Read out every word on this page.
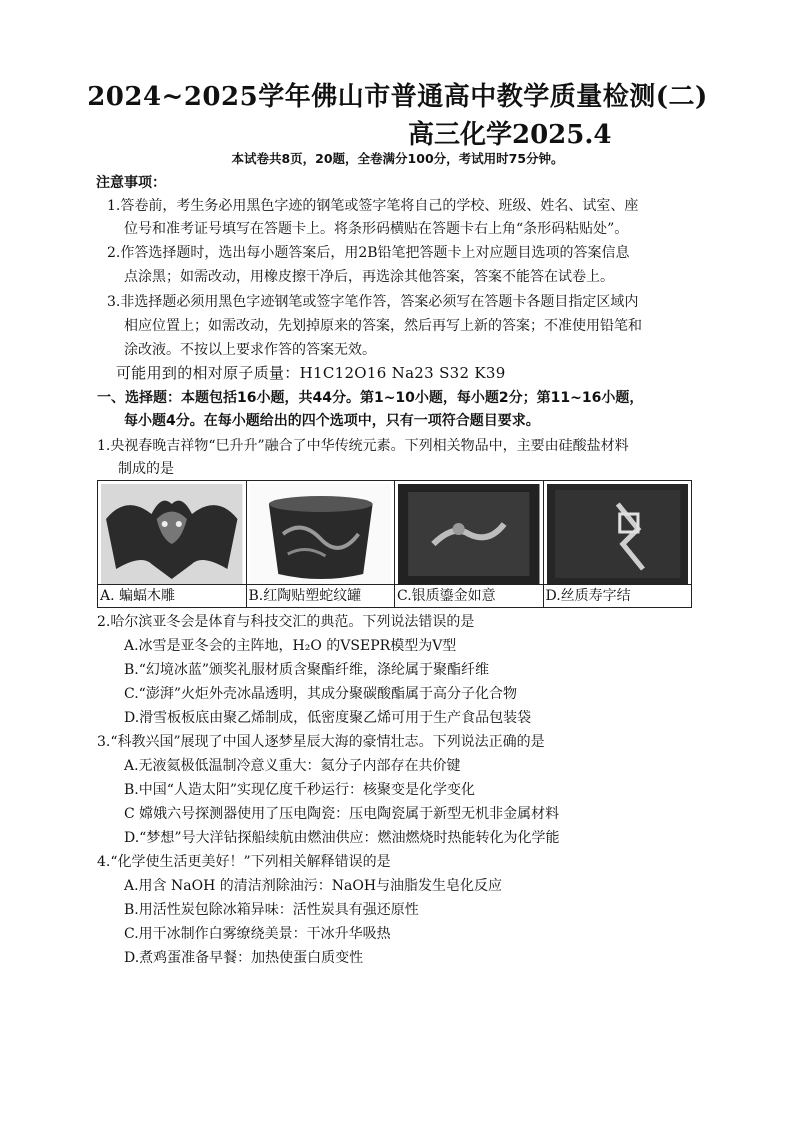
2024~2025学年佛山市普通高中教学质量检测(二)
高三化学2025.4
本试卷共8页，20题，全卷满分100分，考试用时75分钟。
注意事项：
1.答卷前，考生务必用黑色字迹的钢笔或签字笔将自己的学校、班级、姓名、试室、座
位号和准考证号填写在答题卡上。将条形码横贴在答题卡右上角“条形码粘贴处”。
2.作答选择题时，选出每小题答案后，用2B铅笔把答题卡上对应题目选项的答案信息
点涂黑；如需改动，用橡皮擦干净后，再选涂其他答案，答案不能答在试卷上。
3.非选择题必须用黑色字迹钢笔或签字笔作答，答案必须写在答题卡各题目指定区域内
相应位置上；如需改动，先划掉原来的答案，然后再写上新的答案；不准使用铅笔和
涂改液。不按以上要求作答的答案无效。
可能用到的相对原子质量：H1C12O16 Na23 S32 K39
一、选择题：本题包括16小题，共44分。第1~10小题，每小题2分；第11~16小题，
每小题4分。在每小题给出的四个选项中，只有一项符合题目要求。
1.央视春晚吉祥物“巳升升”融合了中华传统元素。下列相关物品中，主要由硅酸盐材料
制成的是
A. 蝙蝠木雕	B.红陶贴塑蛇纹罐	C.银质鎏金如意	D.丝质寿字结
2.哈尔滨亚冬会是体育与科技交汇的典范。下列说法错误的是
A.冰雪是亚冬会的主阵地，H₂O 的VSEPR模型为V型
B.“幻境冰蓝”颁奖礼服材质含聚酯纤维，涤纶属于聚酯纤维
C.“澎湃”火炬外壳冰晶透明，其成分聚碳酸酯属于高分子化合物
D.滑雪板板底由聚乙烯制成，低密度聚乙烯可用于生产食品包装袋
3.“科教兴国”展现了中国人逐梦星辰大海的豪情壮志。下列说法正确的是
A.无液氦极低温制冷意义重大：氦分子内部存在共价键
B.中国“人造太阳”实现亿度千秒运行：核聚变是化学变化
C 嫦娥六号探测器使用了压电陶瓷：压电陶瓷属于新型无机非金属材料
D.“梦想”号大洋钻探船续航由燃油供应：燃油燃烧时热能转化为化学能
4.“化学使生活更美好！”下列相关解释错误的是
A.用含 NaOH 的清洁剂除油污：NaOH与油脂发生皂化反应
B.用活性炭包除冰箱异味：活性炭具有强还原性
C.用干冰制作白雾缭绕美景：干冰升华吸热
D.煮鸡蛋准备早餐：加热使蛋白质变性
